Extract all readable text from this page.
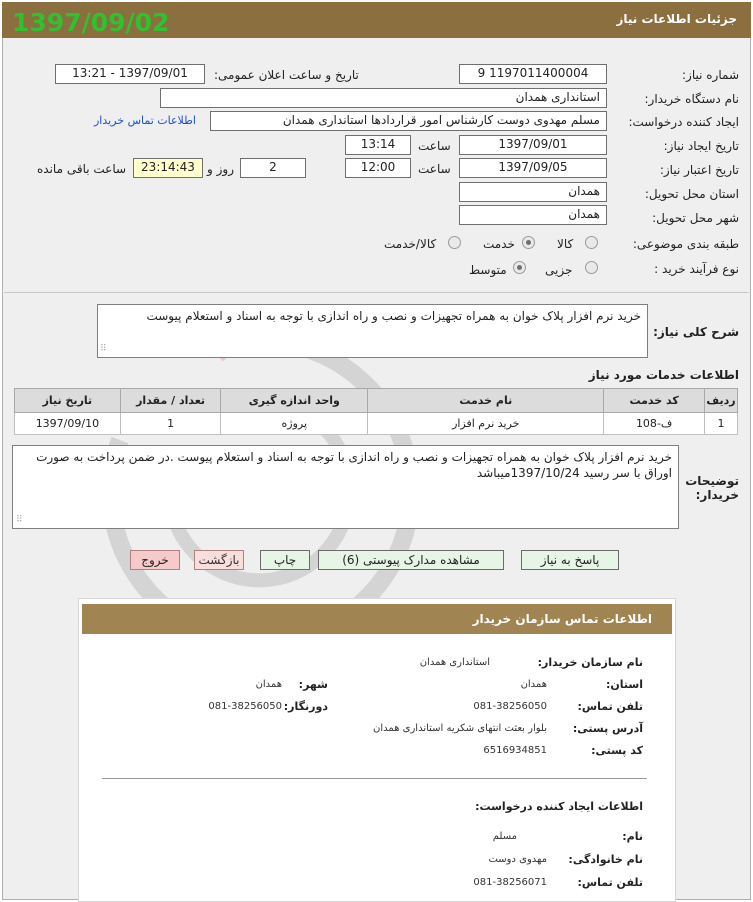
جزئیات اطلاعات نیاز
1397/09/02
شماره نیاز:
1197011400004 9
تاریخ و ساعت اعلان عمومی:
1397/09/01 - 13:21
نام دستگاه خریدار:
استانداری همدان
ایجاد کننده درخواست:
مسلم مهدوی دوست کارشناس امور قراردادها استانداری همدان
اطلاعات تماس خریدار
تاریخ ایجاد نیاز:
1397/09/01
ساعت
13:14
تاریخ اعتبار نیاز:
1397/09/05
ساعت
12:00
2
روز و
23:14:43
ساعت باقی مانده
استان محل تحویل:
همدان
شهر محل تحویل:
همدان
طبقه بندی موضوعی:
کالا
خدمت
کالا/خدمت
نوع فرآیند خرید :
جزیی
متوسط
شرح کلی نیاز:
خرید نرم افزار پلاک خوان به همراه تجهیزات و نصب و راه اندازی با توجه به اسناد و استعلام پیوست
⠿
اطلاعات خدمات مورد نیاز
ردیف	کد خدمت	نام خدمت	واحد اندازه گیری	تعداد / مقدار	تاریخ نیاز
1	ف-108	خرید نرم افزار	پروژه	1	1397/09/10
توضیحات خریدار:
خرید نرم افزار پلاک خوان به همراه تجهیزات و نصب و راه اندازی با توجه به اسناد و استعلام پیوست .در ضمن پرداخت به صورت اوراق با سر رسید 1397/10/24میباشد
⠿
پاسخ به نیاز
مشاهده مدارک پیوستی (6)
چاپ
بازگشت
خروج
اطلاعات تماس سازمان خریدار
نام سازمان خریدار:
استانداری همدان
استان:
همدان
شهر:
همدان
تلفن تماس:
081-38256050
دورنگار:
081-38256050
آدرس پستی:
بلوار بعثت انتهای شکریه استانداری همدان
کد پستی:
6516934851
اطلاعات ایجاد کننده درخواست:
نام:
مسلم
نام خانوادگی:
مهدوی دوست
تلفن تماس:
081-38256071
